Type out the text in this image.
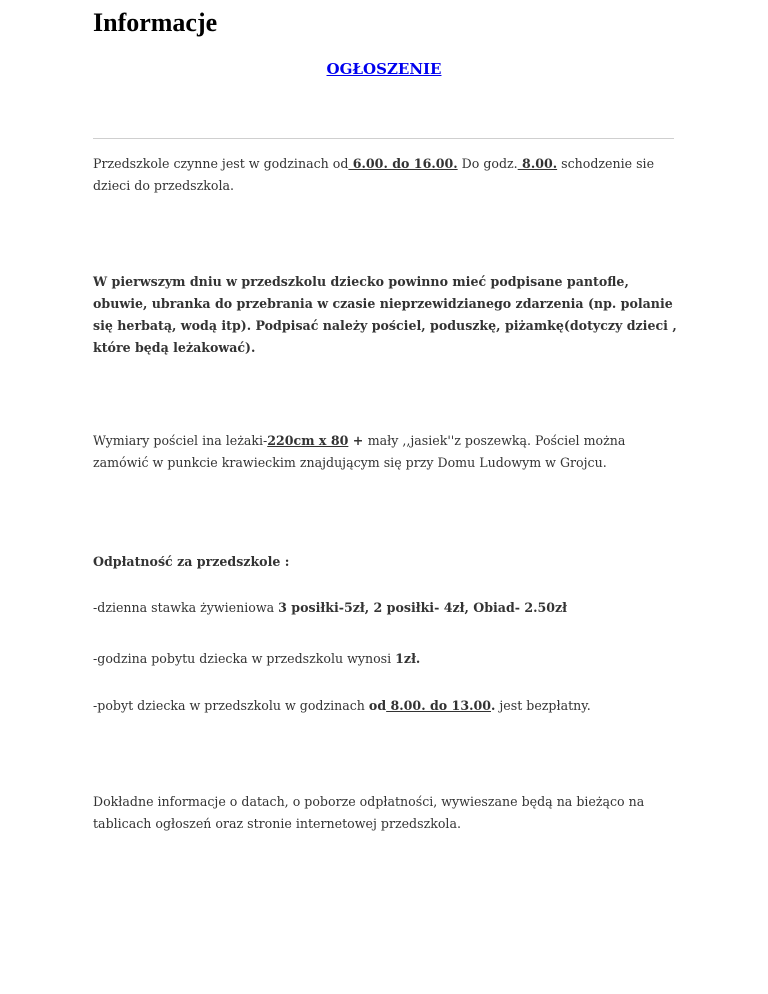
Informacje
OGŁOSZENIE

Przedszkole czynne jest w godzinach od 6.00. do 16.00. Do godz. 8.00. schodzenie sie dzieci do przedszkola.

W pierwszym dniu w przedszkolu dziecko powinno mieć podpisane pantofle, obuwie, ubranka do przebrania w czasie nieprzewidzianego zdarzenia (np. polanie się herbatą, wodą itp). Podpisać należy pościel, poduszkę, piżamkę(dotyczy dzieci , które będą leżakować).

Wymiary pościel ina leżaki-220cm x 80 + mały ,,jasiek''z poszewką. Pościel można zamówić w punkcie krawieckim znajdującym się przy Domu Ludowym w Grojcu.

Odpłatność za przedszkole :

-dzienna stawka żywieniowa 3 posiłki-5zł, 2 posiłki- 4zł, Obiad- 2.50zł

-godzina pobytu dziecka w przedszkolu wynosi 1zł.

-pobyt dziecka w przedszkolu w godzinach od 8.00. do 13.00. jest bezpłatny.

Dokładne informacje o datach, o poborze odpłatności, wywieszane będą na bieżąco na tablicach ogłoszeń oraz stronie internetowej przedszkola.
